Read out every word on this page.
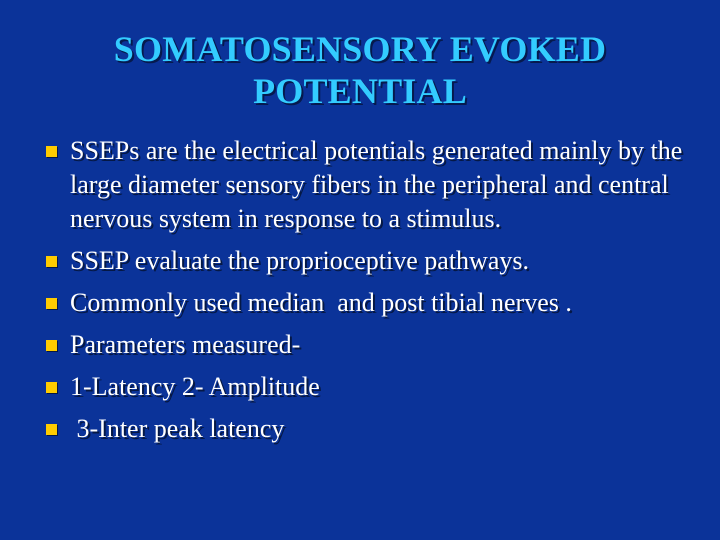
SOMATOSENSORY EVOKED
POTENTIAL
SSEPs are the electrical potentials generated mainly by the large diameter sensory fibers in the peripheral and central  nervous system in response to a stimulus.
SSEP evaluate the proprioceptive pathways.
Commonly used median  and post tibial nerves .
Parameters measured-
1-Latency 2- Amplitude
3-Inter peak latency
